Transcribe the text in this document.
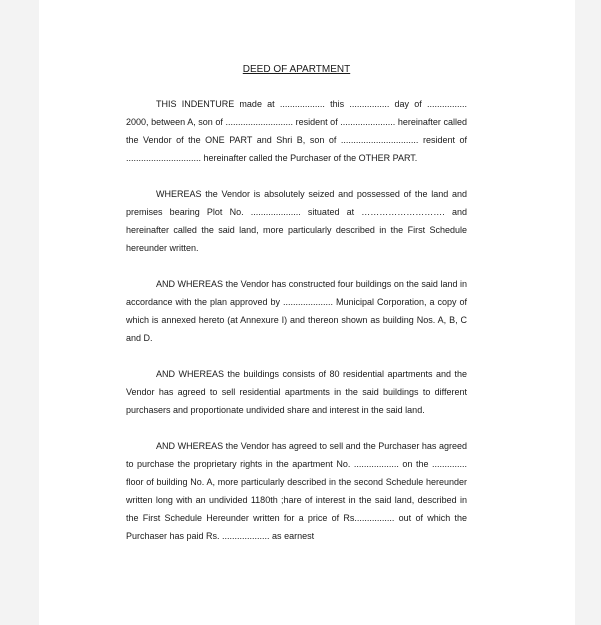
DEED OF APARTMENT

THIS INDENTURE made at .................. this ................ day of ................ 2000, between A, son of ........................... resident of ...................... hereinafter called the Vendor of the ONE PART and Shri B, son of ............................... resident of .............................. hereinafter called the Purchaser of the OTHER PART.

WHEREAS the Vendor is absolutely seized and possessed of the land and premises bearing Plot No. .................... situated at ………………………. and hereinafter called the said land, more particularly described in the First Schedule hereunder written.

AND WHEREAS the Vendor has constructed four buildings on the said land in accordance with the plan approved by .................... Municipal Corporation, a copy of which is annexed hereto (at Annexure I) and thereon shown as building Nos. A, B, C and D.

AND WHEREAS the buildings consists of 80 residential apartments and the Vendor has agreed to sell residential apartments in the said buildings to different purchasers and proportionate undivided share and interest in the said land.

AND WHEREAS the Vendor has agreed to sell and the Purchaser has agreed to purchase the proprietary rights in the apartment No. .................. on the .............. floor of building No. A, more particularly described in the second Schedule hereunder written long with an undivided 1180th ;hare of interest in the said land, described in the First Schedule Hereunder written for a price of Rs................ out of which the Purchaser has paid Rs. ................... as earnest
